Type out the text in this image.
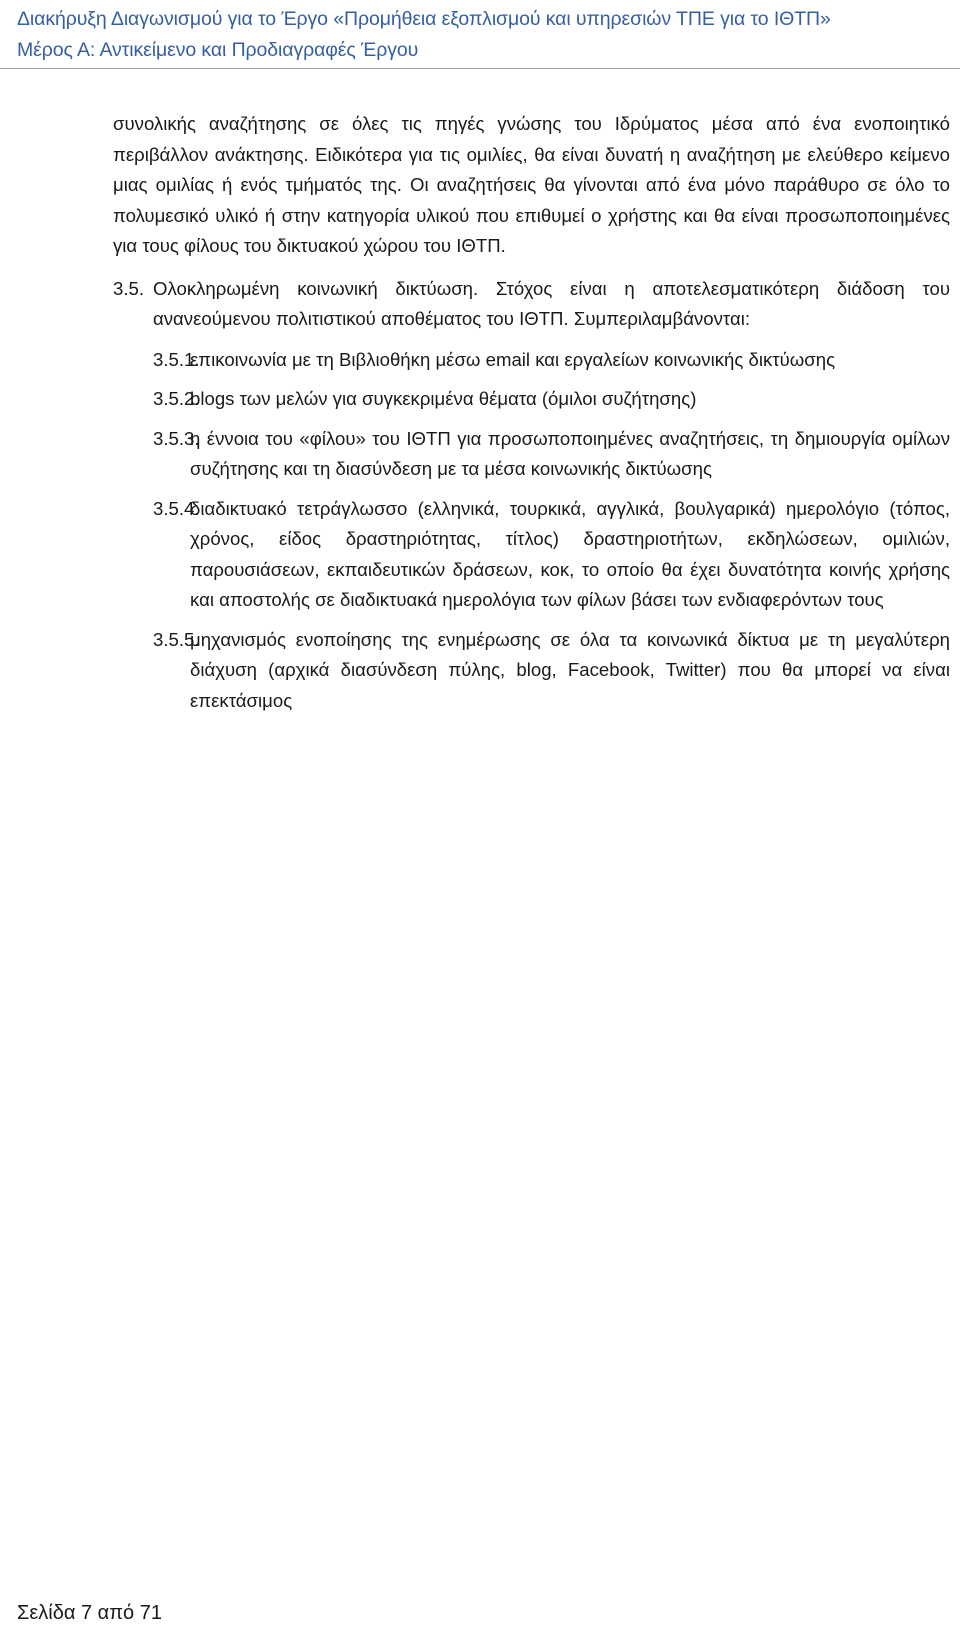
Διακήρυξη Διαγωνισμού για το Έργο «Προμήθεια εξοπλισμού και υπηρεσιών ΤΠΕ για το ΙΘΤΠ»
Μέρος Α: Αντικείμενο και Προδιαγραφές Έργου
συνολικής αναζήτησης σε όλες τις πηγές γνώσης του Ιδρύματος μέσα από ένα ενοποιητικό περιβάλλον ανάκτησης. Ειδικότερα για τις ομιλίες, θα είναι δυνατή η αναζήτηση με ελεύθερο κείμενο μιας ομιλίας ή ενός τμήματός της. Οι αναζητήσεις θα γίνονται από ένα μόνο παράθυρο σε όλο το πολυμεσικό υλικό ή στην κατηγορία υλικού που επιθυμεί ο χρήστης και θα είναι προσωποποιημένες για τους φίλους του δικτυακού χώρου του ΙΘΤΠ.
3.5. Ολοκληρωμένη κοινωνική δικτύωση. Στόχος είναι η αποτελεσματικότερη διάδοση του ανανεούμενου πολιτιστικού αποθέματος του ΙΘΤΠ. Συμπεριλαμβάνονται:
3.5.1.
επικοινωνία με τη Βιβλιοθήκη μέσω email και εργαλείων κοινωνικής δικτύωσης
3.5.2.
blogs των μελών για συγκεκριμένα θέματα (όμιλοι συζήτησης)
3.5.3.
η έννοια του «φίλου» του ΙΘΤΠ για προσωποποιημένες αναζητήσεις, τη δημιουργία ομίλων συζήτησης και τη διασύνδεση με τα μέσα κοινωνικής δικτύωσης
3.5.4.
διαδικτυακό τετράγλωσσο (ελληνικά, τουρκικά, αγγλικά, βουλγαρικά) ημερολόγιο (τόπος, χρόνος, είδος δραστηριότητας, τίτλος) δραστηριοτήτων, εκδηλώσεων, ομιλιών, παρουσιάσεων, εκπαιδευτικών δράσεων, κοκ, το οποίο θα έχει δυνατότητα κοινής χρήσης και αποστολής σε διαδικτυακά ημερολόγια των φίλων βάσει των ενδιαφερόντων τους
3.5.5.
μηχανισμός ενοποίησης της ενημέρωσης σε όλα τα κοινωνικά δίκτυα με τη μεγαλύτερη διάχυση (αρχικά διασύνδεση πύλης, blog, Facebook, Twitter) που θα μπορεί να είναι επεκτάσιμος
Σελίδα 7 από 71
